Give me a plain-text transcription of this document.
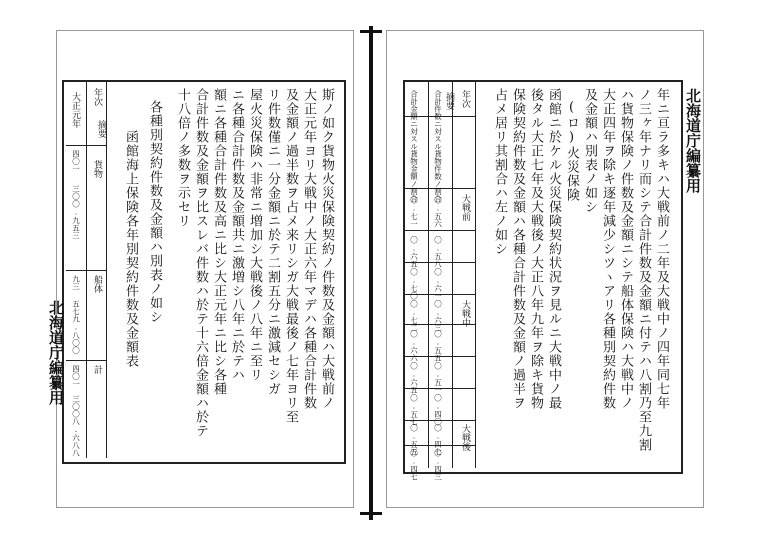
北海道庁編纂用
年ニ亘ラ多キハ大戦前ノ二年及大戦中ノ四年同七年
ノ三ヶ年ナリ而シテ合計件数及金額ニ付テハ八割乃至九割
ハ貨物保険ノ件数及金額ニシテ船体保険ハ大戦中ノ
大正四年ヲ除キ逐年減少シツヽアリ各種別契約件数
及金額ハ別表ノ如シ
(ロ)火災保険
函館ニ於ケル火災保険契約状況ヲ見ルニ大戦中ノ最
後タル大正七年及大戦後ノ大正八年九年ヲ除キ貨物
保険契約件数及金額ハ各種合計件数及金額ノ過半ヲ
占メ居リ其割合ハ左ノ如シ
年次
摘要
合計件数ニ対スル貨物件数ノ割合
合計金額ニ対スル貨物金額ノ割合
大戦前
〇.五六
〇.七一
〇.五八
〇.六五
〇.六一
〇.七〇
大戦中
〇.六三
〇.七二
〇.五五
〇.六六
〇.五一
〇.六五
〇.四〇
〇.五七
大戦後
〇.四七
〇.五五
〇.四三
〇.四七
北海道庁編纂用	斯ノ如ク貨物火災保険契約ノ件数及金額ハ大戦前ノ
大正元年ヨリ大戦中ノ大正六年マデハ各種合計件数
及金額ノ過半数ヲ占メ来リシガ大戦最後ノ七年ヨリ至
リ件数僅ニ一分金額ニ於テ二割五分ニ激減セシガ
屋火災保険ハ非常ニ増加シ大戦後ノ八年ニ至リ
ニ各種合計件数及金額共ニ激増シ八年ニ於テハ
額ニ各種合計件数及高ニ比シ大正元年ニ比シ各種
合計件数及金額ヲ比スレバ件数ハ於テ十六倍金額ハ於テ
十八倍ノ多数ヲ示セリ
各種別契約件数及金額ハ別表ノ如シ
函館海上保険各年別契約件数及金額表
年次
摘要
大正元年
貨物
船体
計
四〇一
三〇〇.九五三
九三
五七九.八〇〇
四〇一
三〇〇八.六八八
